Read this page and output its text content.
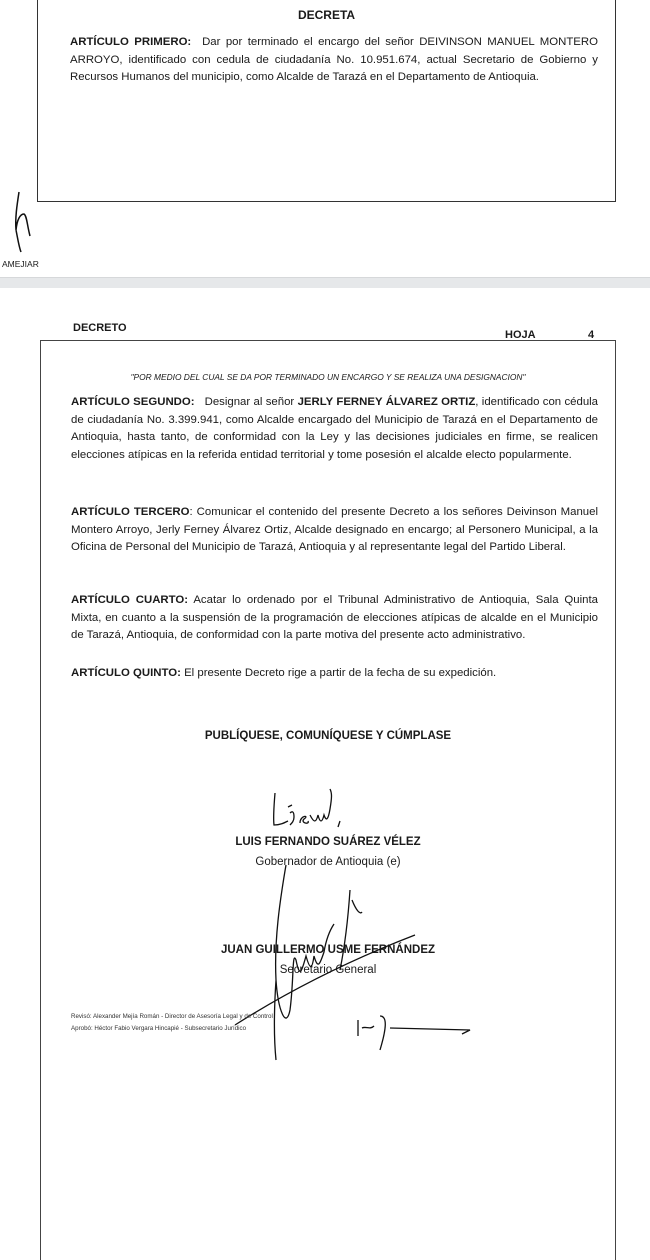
DECRETA
ARTÍCULO PRIMERO: Dar por terminado el encargo del señor DEIVINSON MANUEL MONTERO ARROYO, identificado con cedula de ciudadanía No. 10.951.674, actual Secretario de Gobierno y Recursos Humanos del municipio, como Alcalde de Tarazá en el Departamento de Antioquia.
AMEJIAR
DECRETO
HOJA	4
"POR MEDIO DEL CUAL SE DA POR TERMINADO UN ENCARGO Y SE REALIZA UNA DESIGNACION"
ARTÍCULO SEGUNDO: Designar al señor JERLY FERNEY ÁLVAREZ ORTIZ, identificado con cédula de ciudadanía No. 3.399.941, como Alcalde encargado del Municipio de Tarazá en el Departamento de Antioquia, hasta tanto, de conformidad con la Ley y las decisiones judiciales en firme, se realicen elecciones atípicas en la referida entidad territorial y tome posesión el alcalde electo popularmente.
ARTÍCULO TERCERO: Comunicar el contenido del presente Decreto a los señores Deivinson Manuel Montero Arroyo, Jerly Ferney Álvarez Ortiz, Alcalde designado en encargo; al Personero Municipal, a la Oficina de Personal del Municipio de Tarazá, Antioquia y al representante legal del Partido Liberal.
ARTÍCULO CUARTO: Acatar lo ordenado por el Tribunal Administrativo de Antioquia, Sala Quinta Mixta, en cuanto a la suspensión de la programación de elecciones atípicas de alcalde en el Municipio de Tarazá, Antioquia, de conformidad con la parte motiva del presente acto administrativo.
ARTÍCULO QUINTO: El presente Decreto rige a partir de la fecha de su expedición.
PUBLÍQUESE, COMUNÍQUESE Y CÚMPLASE
LUIS FERNANDO SUÁREZ VÉLEZ
Gobernador de Antioquia (e)
JUAN GUILLERMO USME FERNÁNDEZ
Secretario General
Revisó: Alexander Mejía Román - Director de Asesoría Legal y de Control
Aprobó: Héctor Fabio Vergara Hincapié - Subsecretario Jurídico
